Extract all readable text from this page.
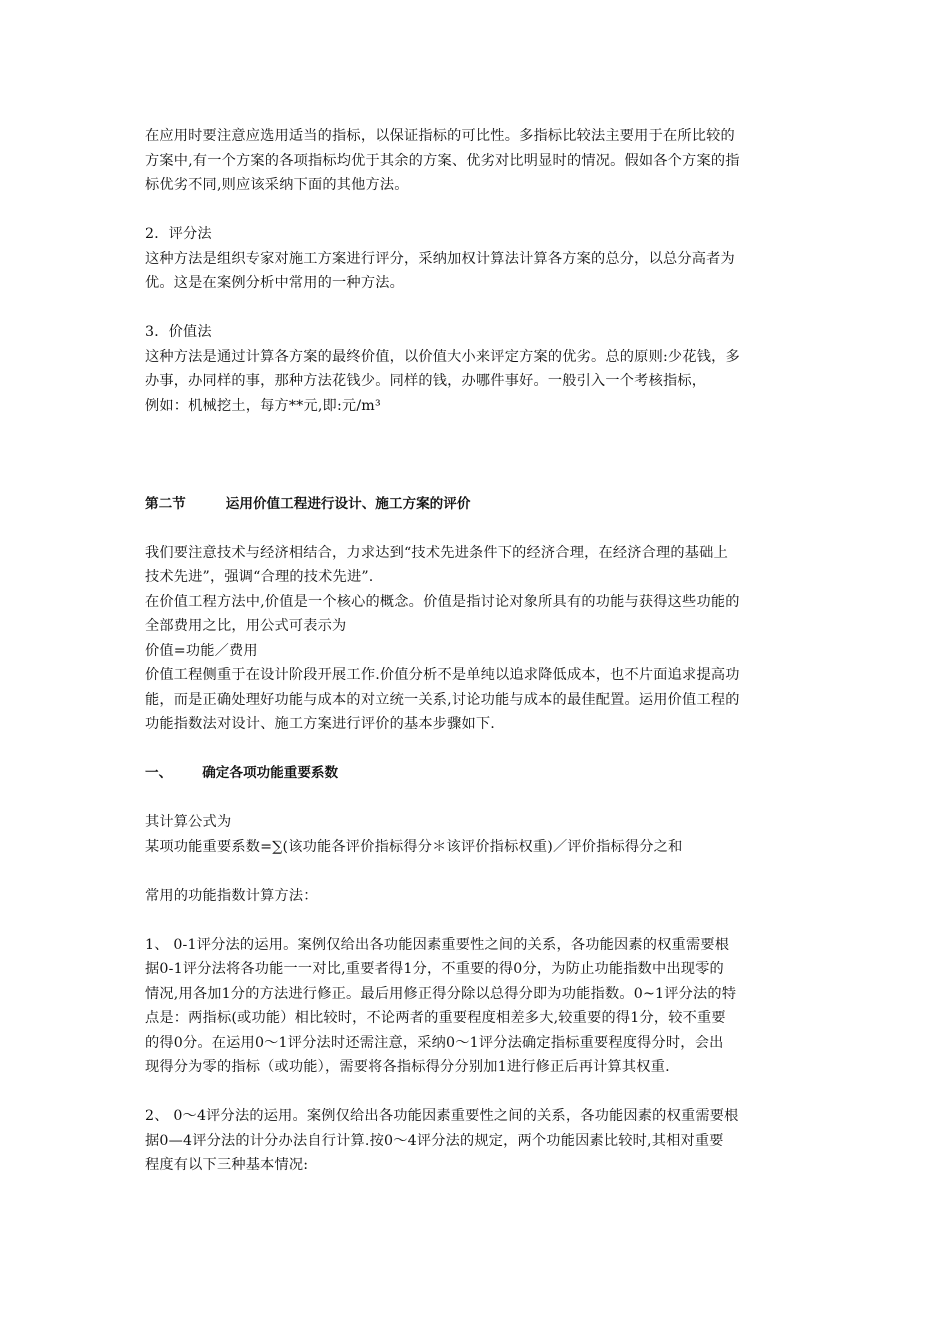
在应用时要注意应选用适当的指标，以保证指标的可比性。多指标比较法主要用于在所比较的
方案中,有一个方案的各项指标均优于其余的方案、优劣对比明显时的情况。假如各个方案的指
标优劣不同,则应该采纳下面的其他方法。
2．评分法
这种方法是组织专家对施工方案进行评分，采纳加权计算法计算各方案的总分，以总分高者为
优。这是在案例分析中常用的一种方法。
3．价值法
这种方法是通过计算各方案的最终价值，以价值大小来评定方案的优劣。总的原则:少花钱，多
办事，办同样的事，那种方法花钱少。同样的钱，办哪件事好。一般引入一个考核指标，
例如：机械挖土，每方**元,即:元/m³
第二节	运用价值工程进行设计、施工方案的评价
我们要注意技术与经济相结合，力求达到“技术先进条件下的经济合理，在经济合理的基础上
技术先进”，强调“合理的技术先进”.
在价值工程方法中,价值是一个核心的概念。价值是指讨论对象所具有的功能与获得这些功能的
全部费用之比，用公式可表示为
价值=功能／费用
价值工程侧重于在设计阶段开展工作.价值分析不是单纯以追求降低成本，也不片面追求提高功
能，而是正确处理好功能与成本的对立统一关系,讨论功能与成本的最佳配置。运用价值工程的
功能指数法对设计、施工方案进行评价的基本步骤如下.
一、 确定各项功能重要系数
其计算公式为
某项功能重要系数=∑(该功能各评价指标得分＊该评价指标权重)／评价指标得分之和
常用的功能指数计算方法：
1、 0-1评分法的运用。案例仅给出各功能因素重要性之间的关系，各功能因素的权重需要根
据0-1评分法将各功能一一对比,重要者得1分，不重要的得0分，为防止功能指数中出现零的
情况,用各加1分的方法进行修正。最后用修正得分除以总得分即为功能指数。0~1评分法的特
点是：两指标(或功能）相比较时，不论两者的重要程度相差多大,较重要的得1分，较不重要
的得0分。在运用0～1评分法时还需注意，采纳0～1评分法确定指标重要程度得分时，会出
现得分为零的指标（或功能），需要将各指标得分分别加1进行修正后再计算其权重.
2、 0～4评分法的运用。案例仅给出各功能因素重要性之间的关系，各功能因素的权重需要根
据0—4评分法的计分办法自行计算.按0～4评分法的规定，两个功能因素比较时,其相对重要
程度有以下三种基本情况:
